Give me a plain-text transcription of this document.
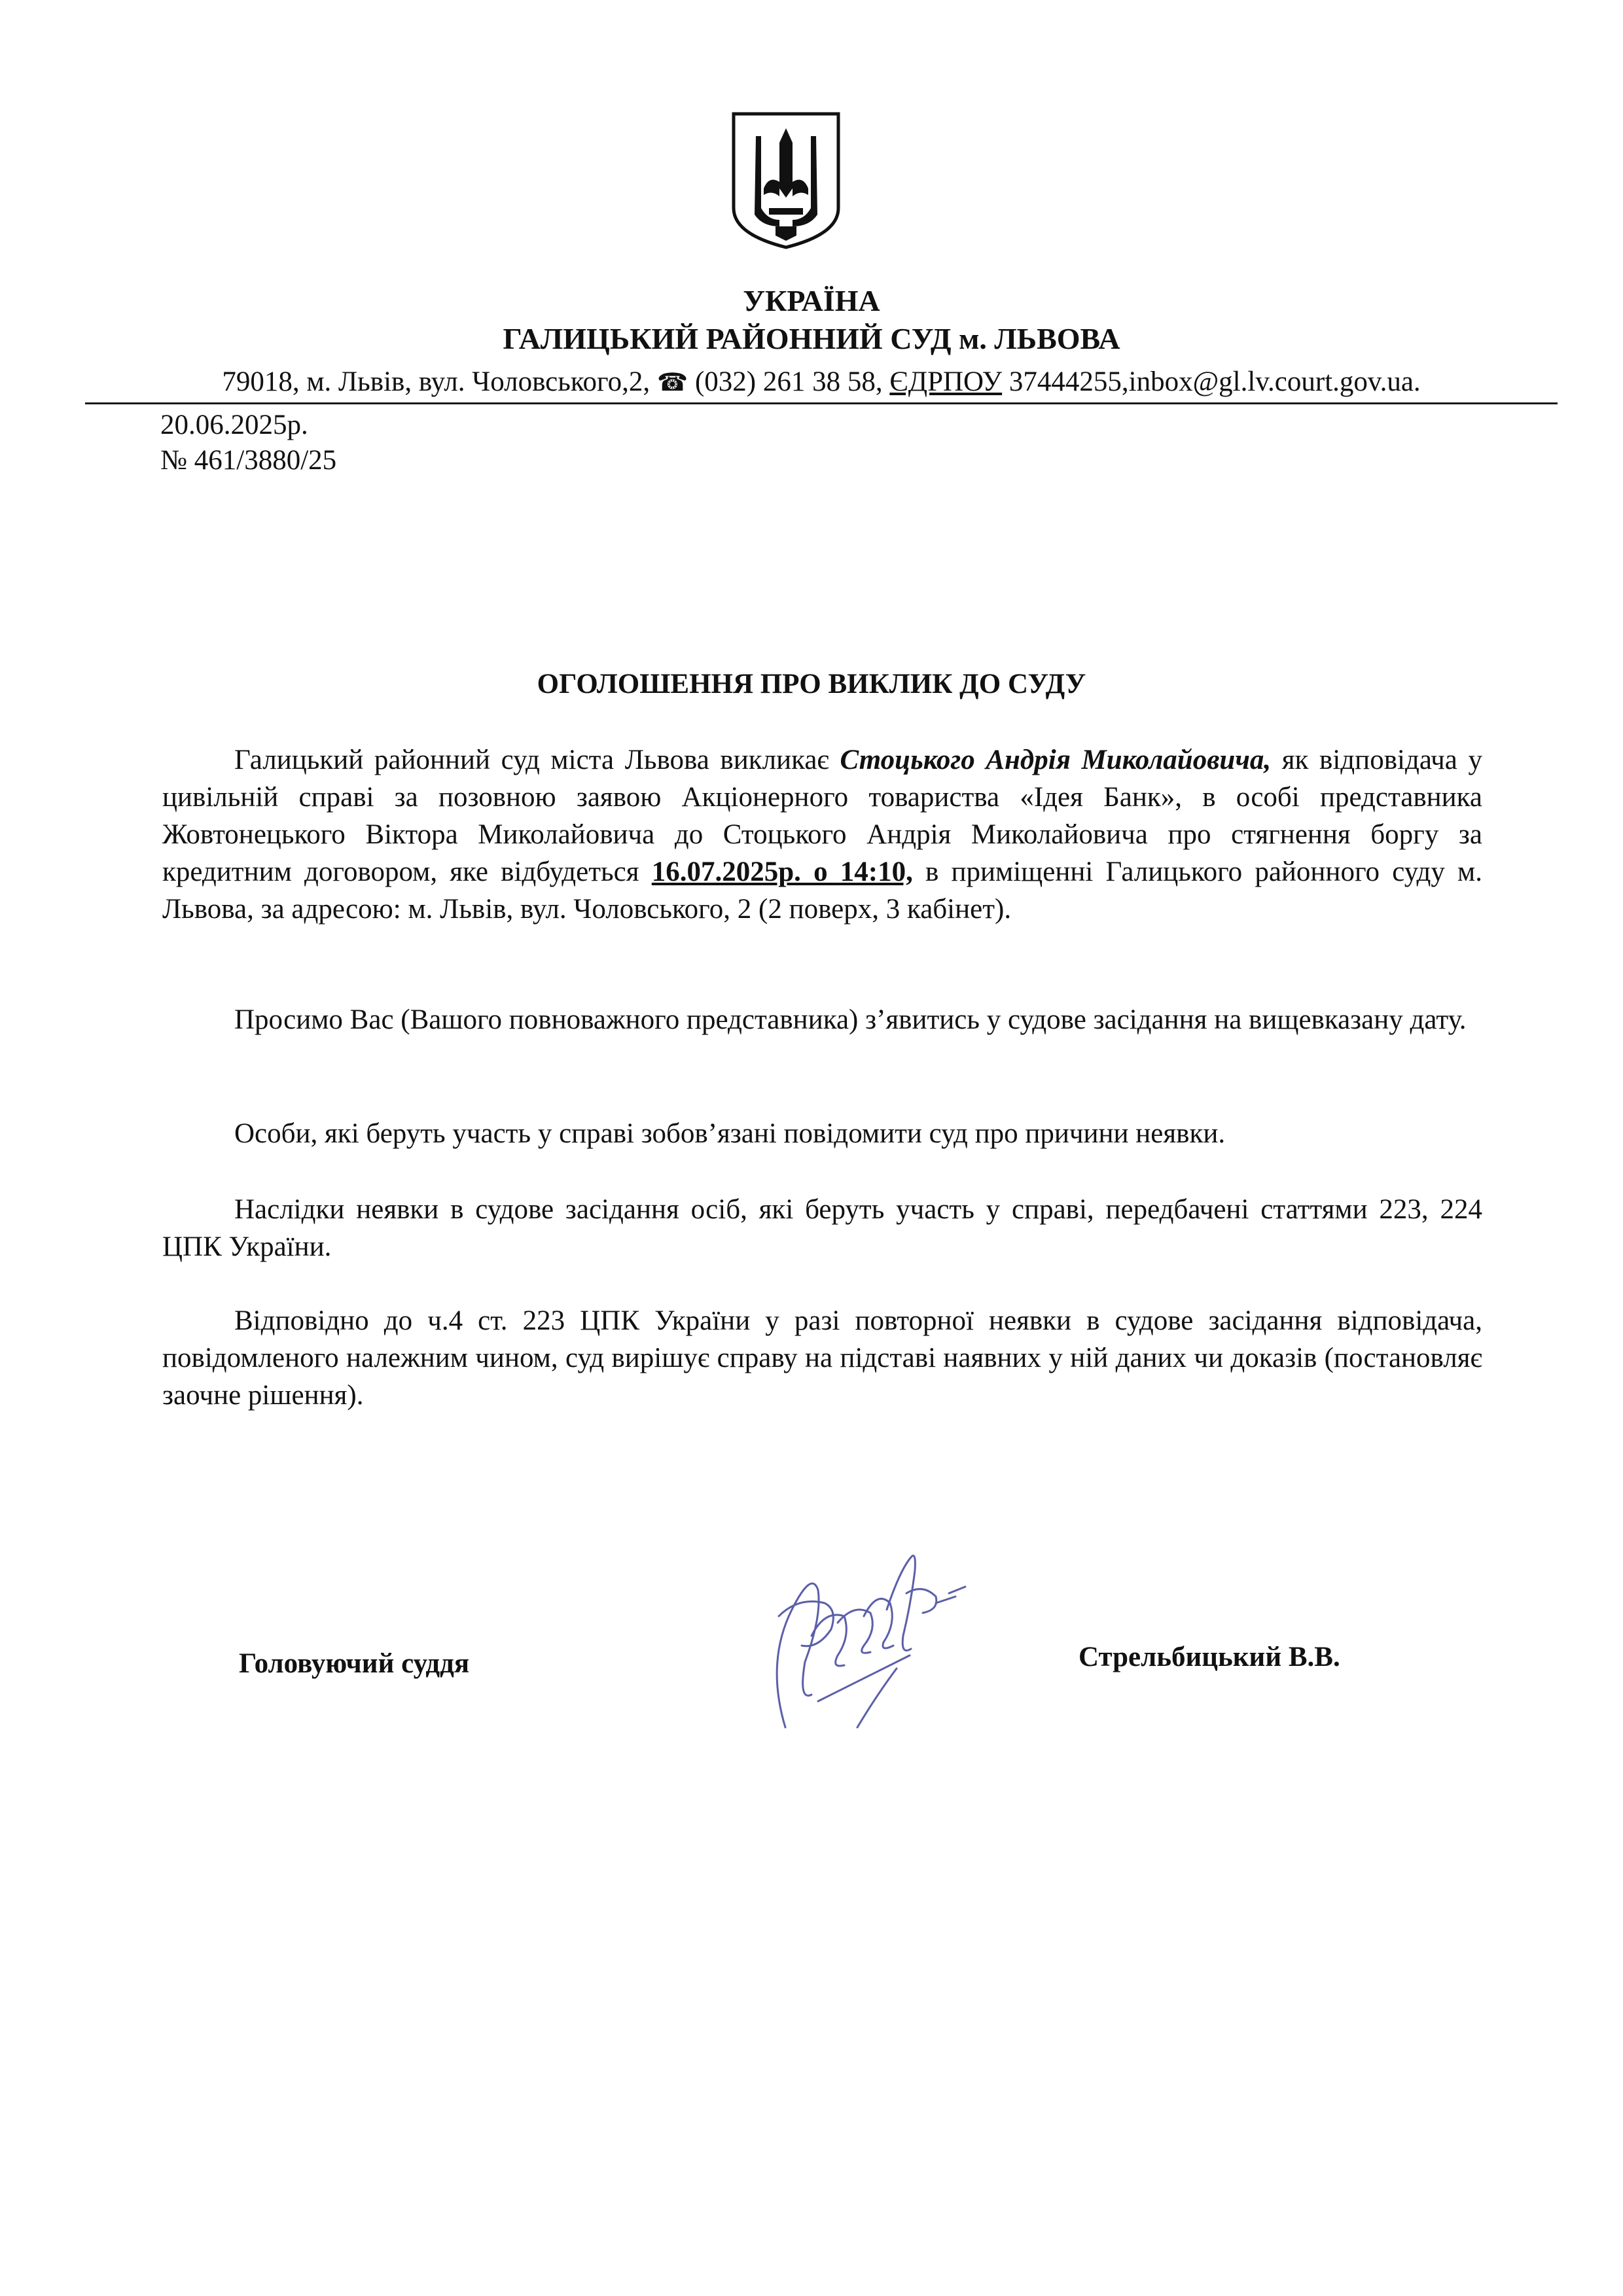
УКРАЇНА
ГАЛИЦЬКИЙ РАЙОННИЙ СУД м. ЛЬВОВА
79018, м. Львів, вул. Чоловського,2, ☎ (032) 261 38 58, ЄДРПОУ 37444255,inbox@gl.lv.court.gov.ua.
20.06.2025р.
№ 461/3880/25
ОГОЛОШЕННЯ ПРО ВИКЛИК ДО СУДУ
Галицький районний суд міста Львова викликає Стоцького Андрія Миколайовича, як відповідача у цивільній справі за позовною заявою Акціонерного товариства «Ідея Банк», в особі представника Жовтонецького Віктора Миколайовича до Стоцького Андрія Миколайовича про стягнення боргу за кредитним договором, яке відбудеться 16.07.2025р. о 14:10, в приміщенні Галицького районного суду м. Львова, за адресою: м. Львів, вул. Чоловського, 2 (2 поверх, 3 кабінет).
Просимо Вас (Вашого повноважного представника) з’явитись у судове засідання на вищевказану дату.
Особи, які беруть участь у справі зобов’язані повідомити суд про причини неявки.
Наслідки неявки в судове засідання осіб, які беруть участь у справі, передбачені статтями 223, 224 ЦПК України.
Відповідно до ч.4 ст. 223 ЦПК України у разі повторної неявки в судове засідання відповідача, повідомленого належним чином, суд вирішує справу на підставі наявних у ній даних чи доказів (постановляє заочне рішення).
Головуючий суддя	Стрельбицький В.В.
